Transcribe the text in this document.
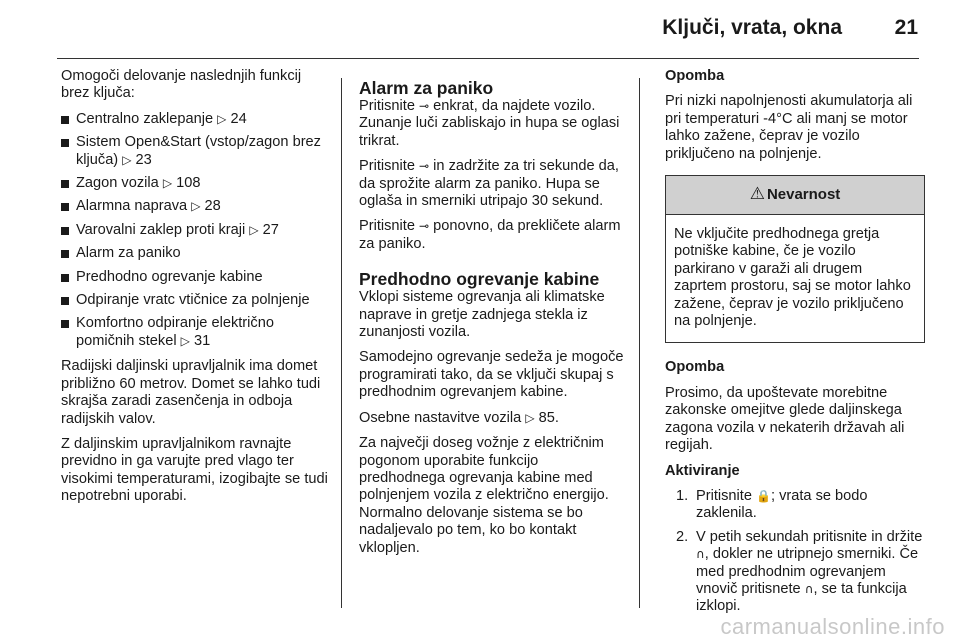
Ključi, vrata, okna	21

Omogoči delovanje naslednjih funkcij brez ključa:

Centralno zaklepanje ▷ 24
Sistem Open&Start (vstop/zagon brez ključa) ▷ 23
Zagon vozila ▷ 108
Alarmna naprava ▷ 28
Varovalni zaklep proti kraji ▷ 27
Alarm za paniko
Predhodno ogrevanje kabine
Odpiranje vratc vtičnice za polnjenje
Komfortno odpiranje električno pomičnih stekel ▷ 31

Radijski daljinski upravljalnik ima domet približno 60 metrov. Domet se lahko tudi skrajša zaradi zasenčenja in odboja radijskih valov.

Z daljinskim upravljalnikom ravnajte previdno in ga varujte pred vlago ter visokimi temperaturami, izogibajte se tudi nepotrebni uporabi.

Alarm za paniko

Pritisnite ⊸ enkrat, da najdete vozilo. Zunanje luči zabliskajo in hupa se oglasi trikrat.

Pritisnite ⊸ in zadržite za tri sekunde da, da sprožite alarm za paniko. Hupa se oglaša in smerniki utripajo 30 sekund.

Pritisnite ⊸ ponovno, da prekličete alarm za paniko.

Predhodno ogrevanje kabine

Vklopi sisteme ogrevanja ali klimatske naprave in gretje zadnjega stekla iz zunanjosti vozila.

Samodejno ogrevanje sedeža je mogoče programirati tako, da se vključi skupaj s predhodnim ogrevanjem kabine.

Osebne nastavitve vozila ▷ 85.

Za največji doseg vožnje z električnim pogonom uporabite funkcijo predhodnega ogrevanja kabine med polnjenjem vozila z električno energijo. Normalno delovanje sistema se bo nadaljevalo po tem, ko bo kontakt vklopljen.

Opomba

Pri nizki napolnjenosti akumulatorja ali pri temperaturi -4°C ali manj se motor lahko zažene, čeprav je vozilo priključeno na polnjenje.

⚠ Nevarnost
Ne vključite predhodnega gretja potniške kabine, če je vozilo parkirano v garaži ali drugem zaprtem prostoru, saj se motor lahko zažene, čeprav je vozilo priključeno na polnjenje.

Opomba

Prosimo, da upoštevate morebitne zakonske omejitve glede daljinskega zagona vozila v nekaterih državah ali regijah.

Aktiviranje

1. Pritisnite 🔒; vrata se bodo zaklenila.
2. V petih sekundah pritisnite in držite ∩, dokler ne utripnejo smerniki. Če med predhodnim ogrevanjem vnovič pritisnete ∩, se ta funkcija izklopi.
carmanualsonline.info
